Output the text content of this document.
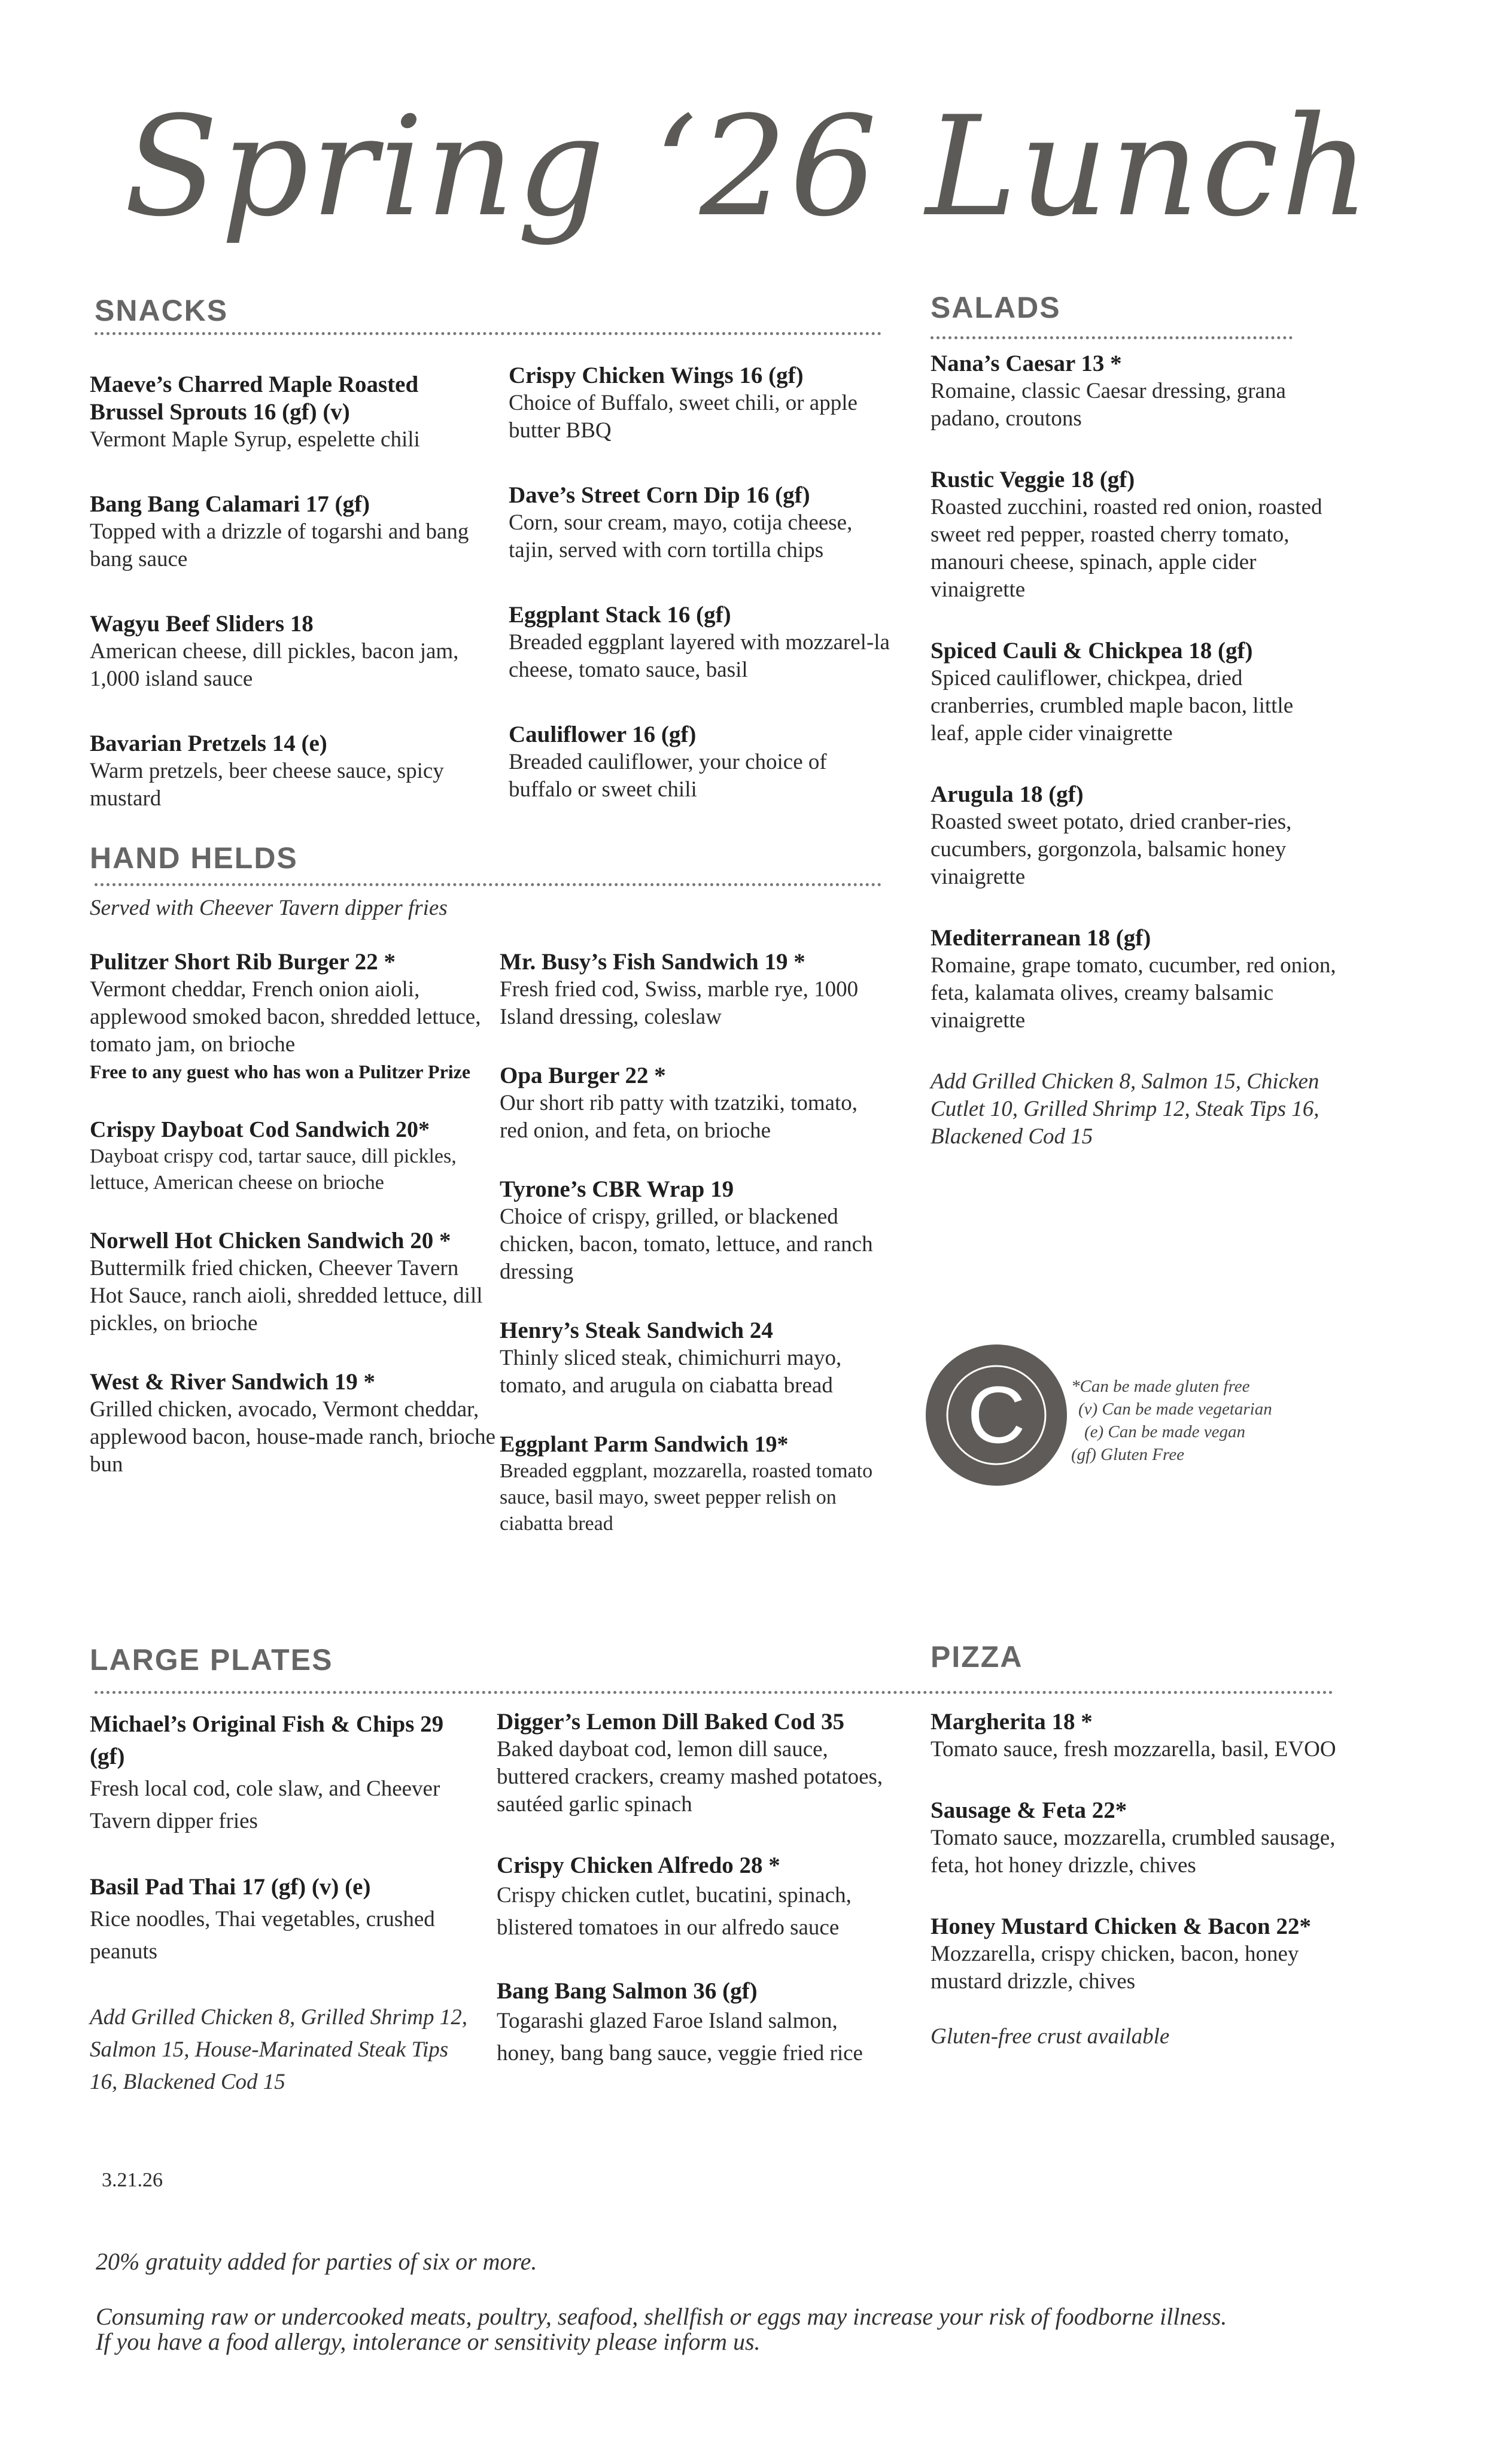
Spring ‘26 Lunch
SNACKS
Maeve’s Charred Maple Roasted Brussel Sprouts 16 (gf) (v)
Vermont Maple Syrup, espelette chili
Bang Bang Calamari 17 (gf)
Topped with a drizzle of togarshi and bang bang sauce
Wagyu Beef Sliders 18
American cheese, dill pickles, bacon jam, 1,000 island sauce
Bavarian Pretzels 14 (e)
Warm pretzels, beer cheese sauce, spicy mustard
Crispy Chicken Wings 16 (gf)
Choice of Buffalo, sweet chili, or apple butter BBQ
Dave’s Street Corn Dip 16 (gf)
Corn, sour cream, mayo, cotija cheese, tajin, served with corn tortilla chips
Eggplant Stack 16 (gf)
Breaded eggplant layered with mozzarel-la cheese, tomato sauce, basil
Cauliflower 16 (gf)
Breaded cauliflower, your choice of buffalo or sweet chili
SALADS
Nana’s Caesar 13 *
Romaine, classic Caesar dressing, grana padano, croutons
Rustic Veggie 18 (gf)
Roasted zucchini, roasted red onion, roasted sweet red pepper, roasted cherry tomato, manouri cheese, spinach, apple cider vinaigrette
Spiced Cauli & Chickpea 18 (gf)
Spiced cauliflower, chickpea, dried cranberries, crumbled maple bacon, little leaf, apple cider vinaigrette
Arugula 18 (gf)
Roasted sweet potato, dried cranber-ries, cucumbers, gorgonzola, balsamic honey vinaigrette
Mediterranean 18 (gf)
Romaine, grape tomato, cucumber, red onion, feta, kalamata olives, creamy balsamic vinaigrette
Add Grilled Chicken 8, Salmon 15, Chicken Cutlet 10, Grilled Shrimp 12, Steak Tips 16, Blackened Cod 15
HAND HELDS
Served with Cheever Tavern dipper fries
Pulitzer Short Rib Burger 22 *
Vermont cheddar, French onion aioli, applewood smoked bacon, shredded lettuce, tomato jam, on brioche
Free to any guest who has won a Pulitzer Prize
Crispy Dayboat Cod Sandwich 20*
Dayboat crispy cod, tartar sauce, dill pickles, lettuce, American cheese on brioche
Norwell Hot Chicken Sandwich 20 *
Buttermilk fried chicken, Cheever Tavern Hot Sauce, ranch aioli, shredded lettuce, dill pickles, on brioche
West & River Sandwich 19 *
Grilled chicken, avocado, Vermont cheddar, applewood bacon, house-made ranch, brioche bun
Mr. Busy’s Fish Sandwich 19 *
Fresh fried cod, Swiss, marble rye, 1000 Island dressing, coleslaw
Opa Burger 22 *
Our short rib patty with tzatziki, tomato, red onion, and feta, on brioche
Tyrone’s CBR Wrap 19
Choice of crispy, grilled, or blackened chicken, bacon, tomato, lettuce, and ranch dressing
Henry’s Steak Sandwich 24
Thinly sliced steak, chimichurri mayo, tomato, and arugula on ciabatta bread
Eggplant Parm Sandwich 19*
Breaded eggplant, mozzarella, roasted tomato sauce, basil mayo, sweet pepper relish on ciabatta bread
C	*Can be made gluten free
(v) Can be made vegetarian
(e) Can be made vegan
(gf) Gluten Free
LARGE PLATES	PIZZA
Michael’s Original Fish & Chips 29 (gf)
Fresh local cod, cole slaw, and Cheever Tavern dipper fries
Basil Pad Thai 17 (gf) (v) (e)
Rice noodles, Thai vegetables, crushed peanuts
Add Grilled Chicken 8, Grilled Shrimp 12, Salmon 15, House-Marinated Steak Tips 16, Blackened Cod 15
Digger’s Lemon Dill Baked Cod 35
Baked dayboat cod, lemon dill sauce, buttered crackers, creamy mashed potatoes, sautéed garlic spinach
Crispy Chicken Alfredo 28 *
Crispy chicken cutlet, bucatini, spinach, blistered tomatoes in our alfredo sauce
Bang Bang Salmon 36 (gf)
Togarashi glazed Faroe Island salmon, honey, bang bang sauce, veggie fried rice
Margherita 18 *
Tomato sauce, fresh mozzarella, basil, EVOO
Sausage & Feta 22*
Tomato sauce, mozzarella, crumbled sausage, feta, hot honey drizzle, chives
Honey Mustard Chicken & Bacon 22*
Mozzarella, crispy chicken, bacon, honey mustard drizzle, chives
Gluten-free crust available
3.21.26
20% gratuity added for parties of six or more.
Consuming raw or undercooked meats, poultry, seafood, shellfish or eggs may increase your risk of foodborne illness.
If you have a food allergy, intolerance or sensitivity please inform us.
